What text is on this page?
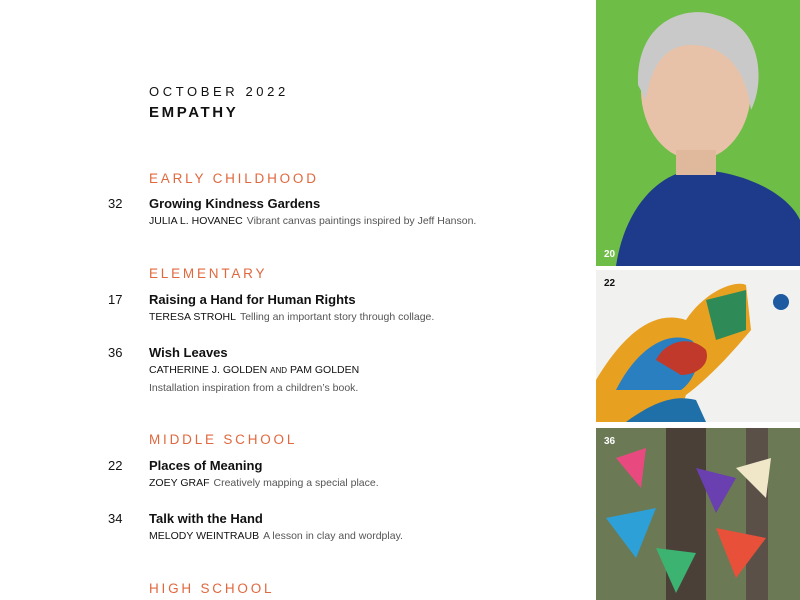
OCTOBER 2022
EMPATHY
EARLY CHILDHOOD
32 Growing Kindness Gardens
JULIA L. HOVANEC Vibrant canvas paintings inspired by Jeff Hanson.
ELEMENTARY
17 Raising a Hand for Human Rights
TERESA STROHL Telling an important story through collage.
36 Wish Leaves
CATHERINE J. GOLDEN AND PAM GOLDEN
Installation inspiration from a children’s book.
MIDDLE SCHOOL
22 Places of Meaning
ZOEY GRAF Creatively mapping a special place.
34 Talk with the Hand
MELODY WEINTRAUB A lesson in clay and wordplay.
HIGH SCHOOL
20
22
36
